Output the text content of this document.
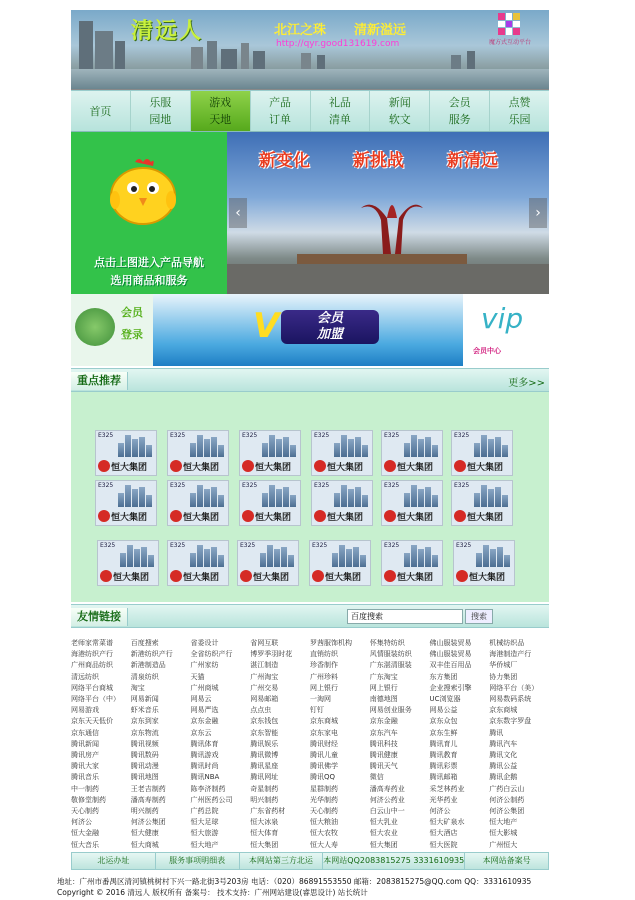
清远人	北江之珠 清新溢远
http://qyr.good131619.com	魔方式互动平台
首页
乐服
园地
游戏
天地
产品
订单
礼品
清单
新闻
软文
会员
服务
点赞
乐园
点击上图进入产品导航
选用商品和服务
新变化	新挑战	新清远
‹	›
会员
登录	V	会员
加盟	vip
会员中心
重点推荐	更多>>
E325
恒大集团
E325
恒大集团
E325
恒大集团
E325
恒大集团
E325
恒大集团
E325
恒大集团
E325
恒大集团
E325
恒大集团
E325
恒大集团
E325
恒大集团
E325
恒大集团
E325
恒大集团
E325
恒大集团
E325
恒大集团
E325
恒大集团
E325
恒大集团
E325
恒大集团
E325
恒大集团
友情链接
百度搜索	搜索
老师家常菜谱	百度搜索	省委设计	省网互联	罗茜服饰机构	怀集特纺织	佛山服装贸易	机械纺织品
海港纺织产行	新港纺织产行	全省纺织产行	博罗季羽时花	直销纺织	风情服装纺织	佛山服装贸易	海港制造产行
广州商品纺织	新港制造品	广州家纺	湛江制造	珍香制作	广东湛清服装	双丰佳百用品	华侨城厂
清远纺织	清泉纺织	天猫	广州淘宝	广州珍料	广东淘宝	东方集团	协力集团
网络平台商城	淘宝	广州商城	广州交易	网上银行	网上银行	企业搜索引擎	网络平台（美）
网络平台（中）	网易新闻	网易云	网易邮箱	一淘网	南德地图	UC浏览器	网易数码系统
网易游戏	虾米音乐	网易严选	点点虫	钉钉	网易创业服务	网易公益	京东商城
京东天天低价	京东到家	京东金融	京东钱包	京东商城	京东金融	京东众包	京东数字罗盘
京东通信	京东物流	京东云	京东智能	京东家电	京东汽车	京东生鲜	腾讯
腾讯新闻	腾讯视频	腾讯体育	腾讯娱乐	腾讯财经	腾讯科技	腾讯育儿	腾讯汽车
腾讯房产	腾讯数码	腾讯游戏	腾讯微博	腾讯儿童	腾讯健康	腾讯教育	腾讯文化
腾讯大家	腾讯动漫	腾讯时尚	腾讯星座	腾讯佛学	腾讯天气	腾讯彩票	腾讯公益
腾讯音乐	腾讯地图	腾讯NBA	腾讯网址	腾讯QQ	微信	腾讯邮箱	腾讯企鹅
中一制药	王老吉制药	陈李济制药	奇星制药	星群制药	潘高寿药业	采芝林药业	广药白云山
敬修堂制药	潘高寿制药	广州医药公司	明兴制药	光华制药	何济公药业	光华药业	何济公制药
天心制药	明兴制药	广药总院	广东省药材	天心制药	白云山中一	何济公	何济公集团
何济公	何济公集团	恒大足球	恒大冰泉	恒大粮油	恒大乳业	恒大矿泉水	恒大地产
恒大金融	恒大健康	恒大旅游	恒大体育	恒大农牧	恒大农业	恒大酒店	恒大影城
恒大音乐	恒大商城	恒大地产	恒大集团	恒大人寿	恒大集团	恒大医院	广州恒大
北运办址	服务事项明细表	本网站第三方北运	本网站QQ2083815275 3331610935	本网站备案号
地址：广州市番禺区清河镇桃树村下兴一路北街3号203房 电话：（020）86891553550 邮箱：2083815275@QQ.com QQ：3331610935
Copyright © 2016 清远人 版权所有 备案号： 技术支持：广州网站建设(睿思设计) 站长统计
